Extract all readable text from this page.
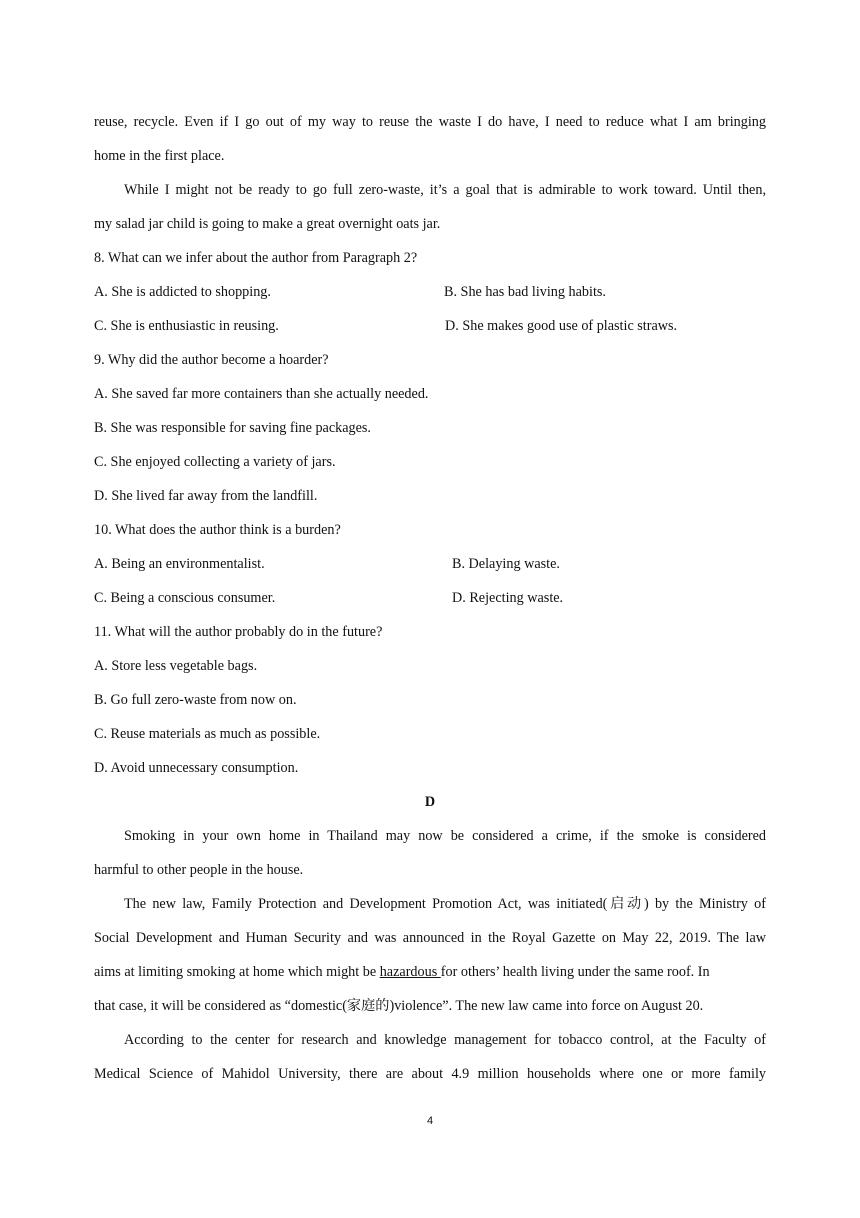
reuse, recycle. Even if I go out of my way to reuse the waste I do have, I need to reduce what I am bringing
home in the first place.
While I might not be ready to go full zero-waste, it’s a goal that is admirable to work toward. Until then,
my salad jar child is going to make a great overnight oats jar.
8. What can we infer about the author from Paragraph 2?
A. She is addicted to shopping.	B. She has bad living habits.
C. She is enthusiastic in reusing.	D. She makes good use of plastic straws.
9. Why did the author become a hoarder?
A. She saved far more containers than she actually needed.
B. She was responsible for saving fine packages.
C. She enjoyed collecting a variety of jars.
D. She lived far away from the landfill.
10. What does the author think is a burden?
A. Being an environmentalist.	B. Delaying waste.
C. Being a conscious consumer.	D. Rejecting waste.
11. What will the author probably do in the future?
A. Store less vegetable bags.
B. Go full zero-waste from now on.
C. Reuse materials as much as possible.
D. Avoid unnecessary consumption.
D
Smoking in your own home in Thailand may now be considered a crime, if the smoke is considered
harmful to other people in the house.
The new law, Family Protection and Development Promotion Act, was initiated(启动) by the Ministry of
Social Development and Human Security and was announced in the Royal Gazette on May 22, 2019. The law
aims at limiting smoking at home which might be hazardous for others’ health living under the same roof. In
that case, it will be considered as “domestic(家庭的)violence”. The new law came into force on August 20.
According to the center for research and knowledge management for tobacco control, at the Faculty of
Medical Science of Mahidol University, there are about 4.9 million households where one or more family
4
